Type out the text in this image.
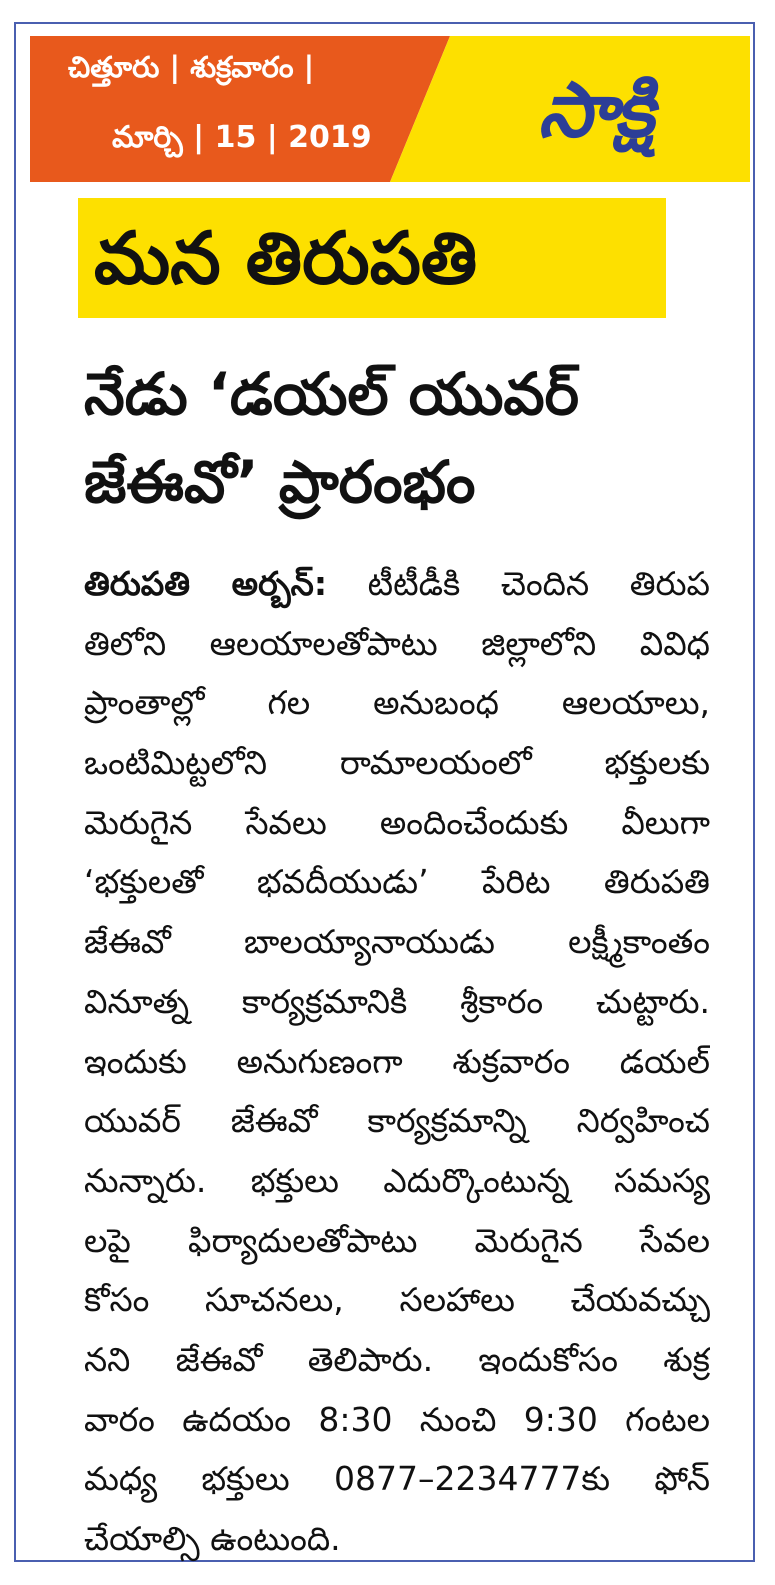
చిత్తూరు | శుక్రవారం |
మార్చి | 15 | 2019	సాక్షి
మన తిరుపతి
నేడు ‘డయల్ యువర్
జేఈవో’ ప్రారంభం
తిరుపతి అర్బన్: టీటీడీకి చెందిన తిరుప
తిలోని ఆలయాలతోపాటు జిల్లాలోని వివిధ
ప్రాంతాల్లో గల అనుబంధ ఆలయాలు,
ఒంటిమిట్టలోని రామాలయంలో భక్తులకు
మెరుగైన సేవలు అందించేందుకు వీలుగా
‘భక్తులతో భవదీయుడు’ పేరిట తిరుపతి
జేఈవో బాలయ్యానాయుడు లక్ష్మీకాంతం
వినూత్న కార్యక్రమానికి శ్రీకారం చుట్టారు.
ఇందుకు అనుగుణంగా శుక్రవారం డయల్
యువర్ జేఈవో కార్యక్రమాన్ని నిర్వహించ
నున్నారు. భక్తులు ఎదుర్కొంటున్న సమస్య
లపై ఫిర్యాదులతోపాటు మెరుగైన సేవల
కోసం సూచనలు, సలహాలు చేయవచ్చు
నని జేఈవో తెలిపారు. ఇందుకోసం శుక్ర
వారం ఉదయం 8:30 నుంచి 9:30 గంటల
మధ్య భక్తులు 0877–2234777కు ఫోన్
చేయాల్సి ఉంటుంది.
